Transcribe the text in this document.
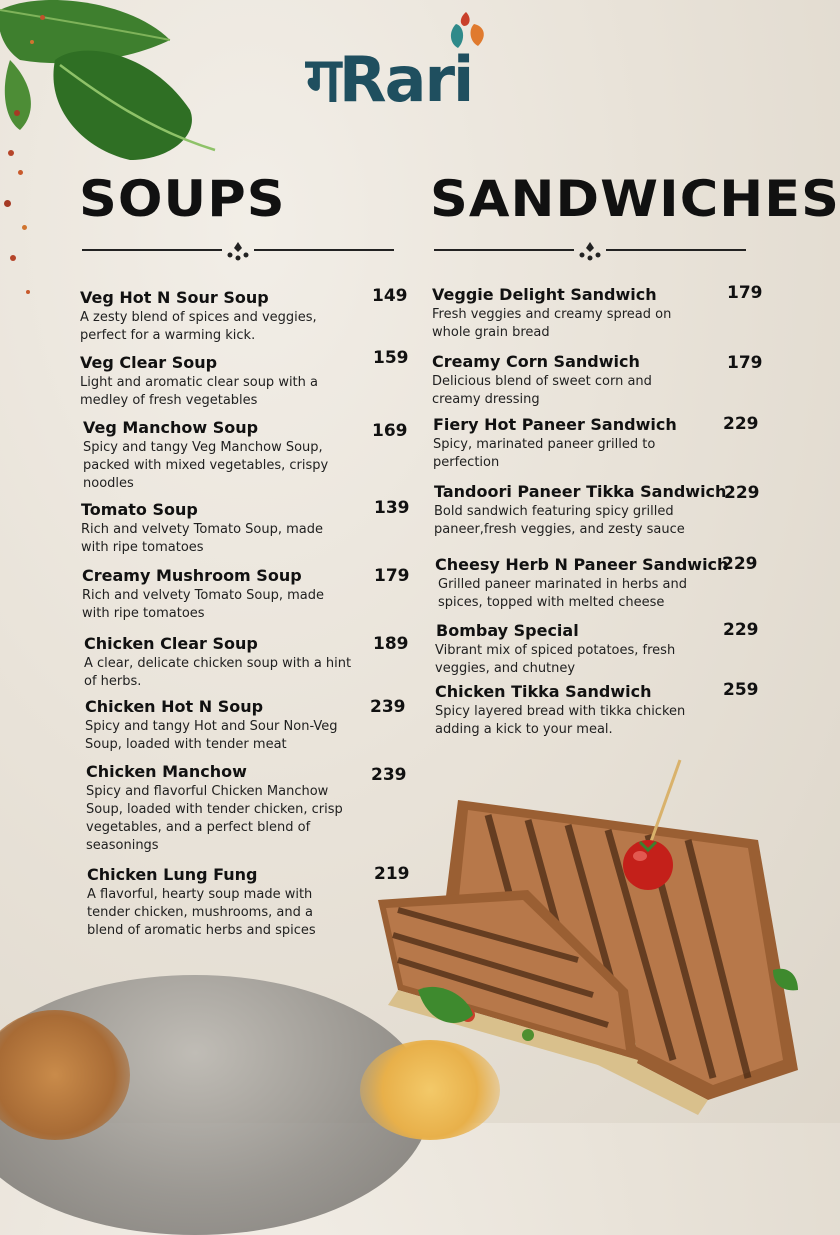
गRari
SOUPS	SANDWICHES
Veg Hot N Sour Soup
A zesty blend of spices and veggies, perfect for a warming kick.
149
Veg Clear Soup
Light and aromatic clear soup with a medley of fresh vegetables
159
Veg Manchow Soup
Spicy and tangy Veg Manchow Soup, packed with mixed vegetables, crispy noodles
169
Tomato Soup
Rich and velvety Tomato Soup, made with ripe tomatoes
139
Creamy Mushroom Soup
Rich and velvety Tomato Soup, made with ripe tomatoes
179
Chicken Clear Soup
A clear, delicate chicken soup with a hint of herbs.
189
Chicken Hot N Soup
Spicy and tangy Hot and Sour Non-Veg Soup, loaded with tender meat
239
Chicken Manchow
Spicy and flavorful Chicken Manchow Soup, loaded with tender chicken, crisp vegetables, and a perfect blend of seasonings
239
Chicken Lung Fung
A flavorful, hearty soup made with tender chicken, mushrooms, and a blend of aromatic herbs and spices
219
Veggie Delight Sandwich
Fresh veggies and creamy spread on whole grain bread
179
Creamy Corn Sandwich
Delicious blend of sweet corn and creamy dressing
179
Fiery Hot Paneer Sandwich
Spicy, marinated paneer grilled to perfection
229
Tandoori Paneer Tikka Sandwich
Bold sandwich featuring spicy grilled paneer,fresh veggies, and zesty sauce
229
Cheesy Herb N Paneer Sandwich
Grilled paneer marinated in herbs and spices, topped with melted cheese
229
Bombay Special
Vibrant mix of spiced potatoes, fresh veggies, and chutney
229
Chicken Tikka Sandwich
Spicy layered bread with tikka chicken adding a kick to your meal.
259
